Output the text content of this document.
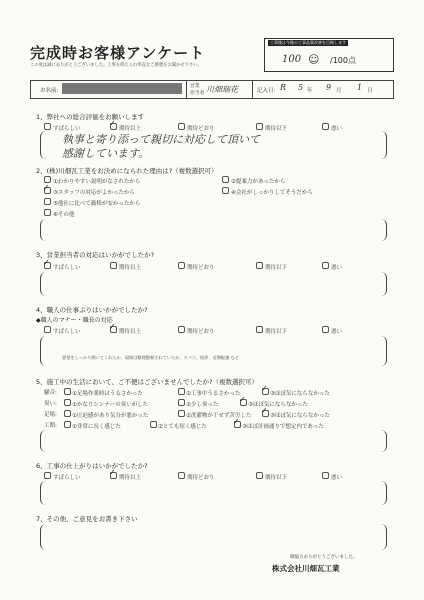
完成時お客様アンケート
この度は誠にありがとうございました。工事を終えられ率直なご感想をお聞かせ下さい。
工事後は今後の工事品質改善を目指します
100 ☺ /100点
お名前:
営業
担当者 川畑瑞花	記入日: R 5 年 9 月 1 日
1、弊社への総合評価をお願いします
すばらしい	期待以上	期待どおり	期待以下	悪い
✓
執事と寄り添って親切に対応して頂いて
感謝しています。
2、(株)川畑瓦工業をお決めになられた理由は?（複数選択可）
①わかりやすい説明がなされたから	②提案力があったから
③スタッフの対応がよかったから	④会社がしっかりしてそうだから
⑤他社に比べて価格が安かったから
⑥その他
✓
3、営業担当者の対応はいかがでしたか?
すばらしい	期待以上	期待どおり	期待以下	悪い
✓
4、職人の仕事ぶりはいかがでしたか?
◆職人のマナー・職長の対応
すばらしい	期待以上	期待どおり	期待以下	悪い
✓
要望をしっかり聞いてくれたか、現場は整理整頓されていたか、タバコ、挨拶、近隣配慮 など
5、施工中の生活において、ご不便はございませんでしたか?（複数選択可）
騒音:	①足場作業時はうるさかった	②工事中うるさかった	③ほぼ気にならなかった
✓
臭い:	①かなりシンナーの臭いがした	②少し臭った	③ほぼ気にならなかった
✓
足場:	①圧迫感があり気分が悪かった	②洗濯物が干せず苦労した	③ほぼ気にならなかった
✓
工期:	①非常に長く感じた	②とても短く感じた	③ほぼ計画通りで想定内であった
✓
6、工事の仕上がりはいかがでしたか?
すばらしい	期待以上	期待どおり	期待以下	悪い
✓
7、その他、ご意見をお書き下さい
御協力ありがとうございました。
株式会社川畑瓦工業
